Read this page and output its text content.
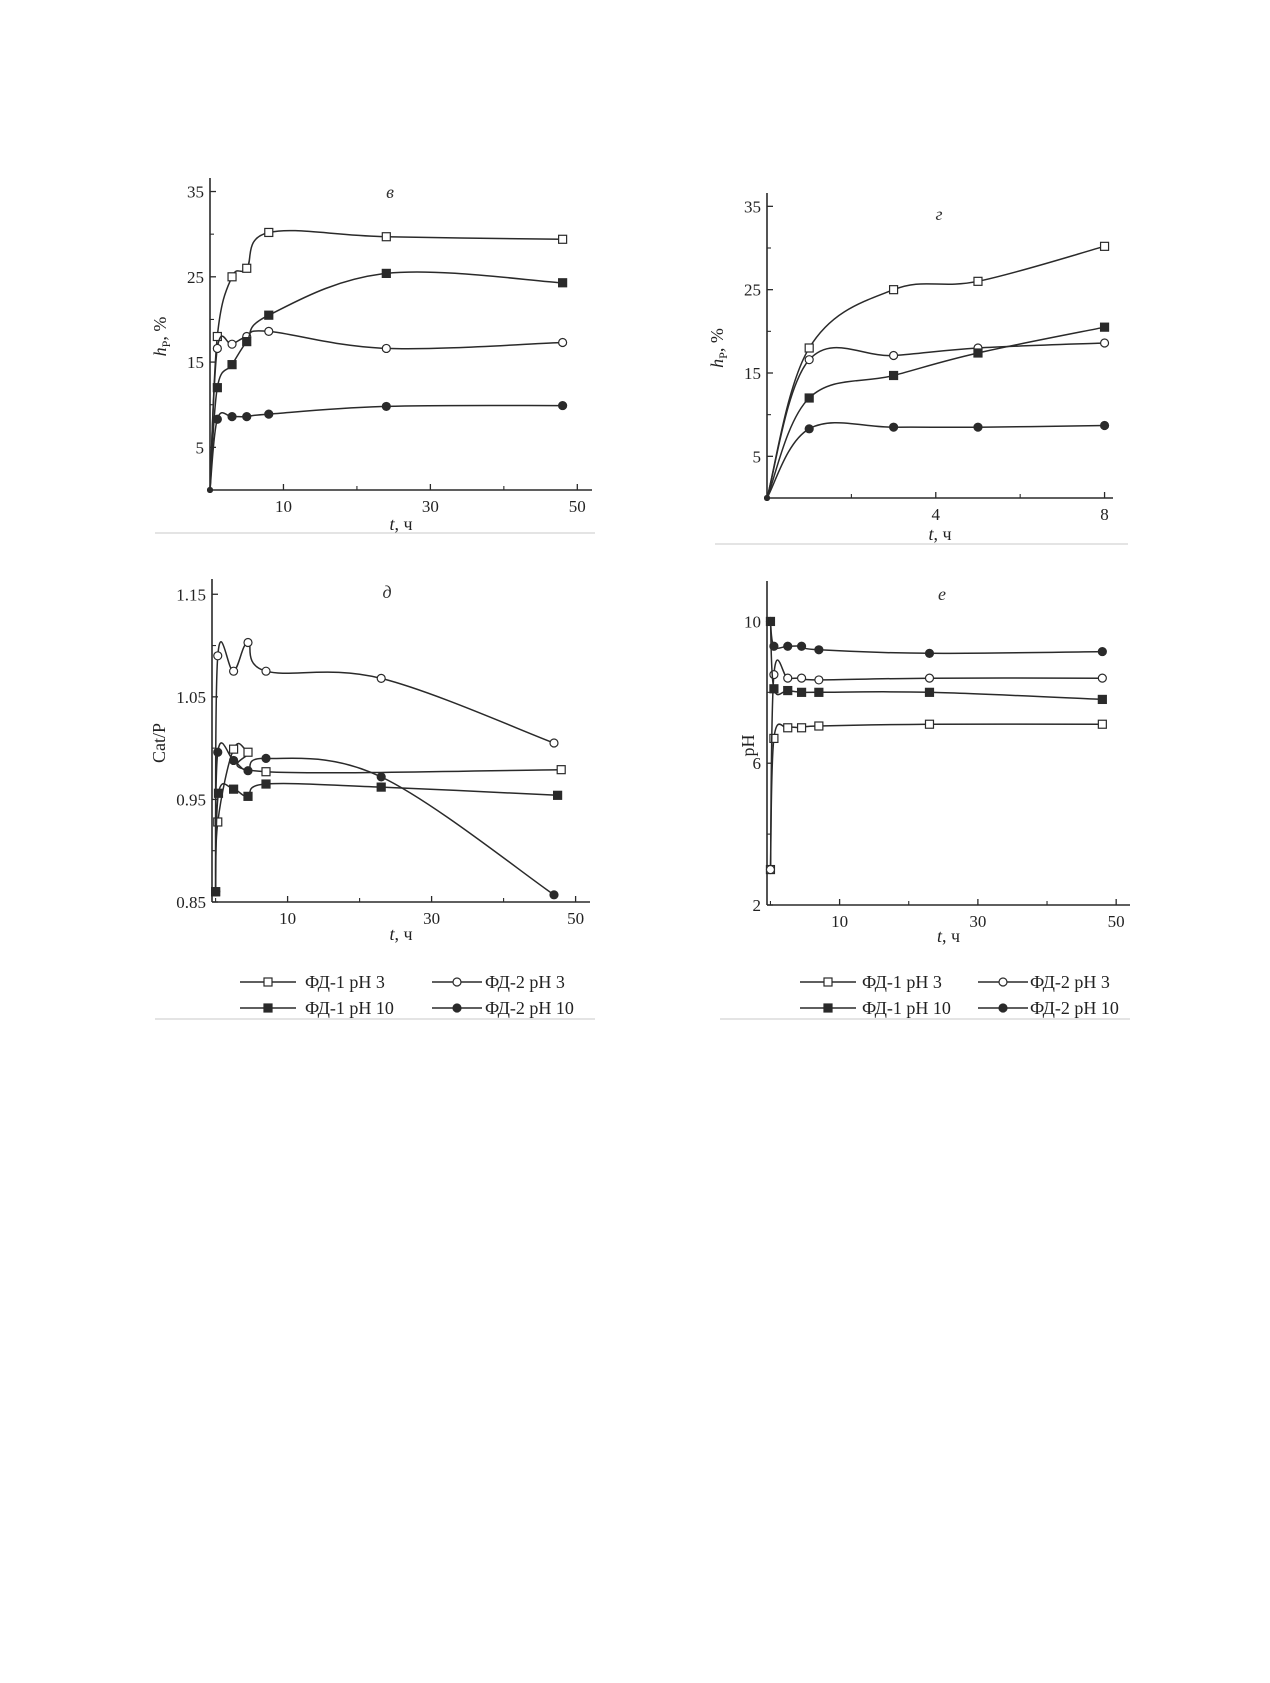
5
15
25
35
10	30	50
в
t, ч
$h_P$, %
5
15
25
35
4	8
г
t, ч
$h_P$, %
0.85
0.95
1.05
1.15
10	30	50
д
t, ч
Cat/P
2
6
10
10	30	50
е
t, ч
pH
ФД-1 pH 3	ФД-2 pH 3
ФД-1 pH 10	ФД-2 pH 10
ФД-1 pH 3	ФД-2 pH 3
ФД-1 pH 10	ФД-2 pH 10
